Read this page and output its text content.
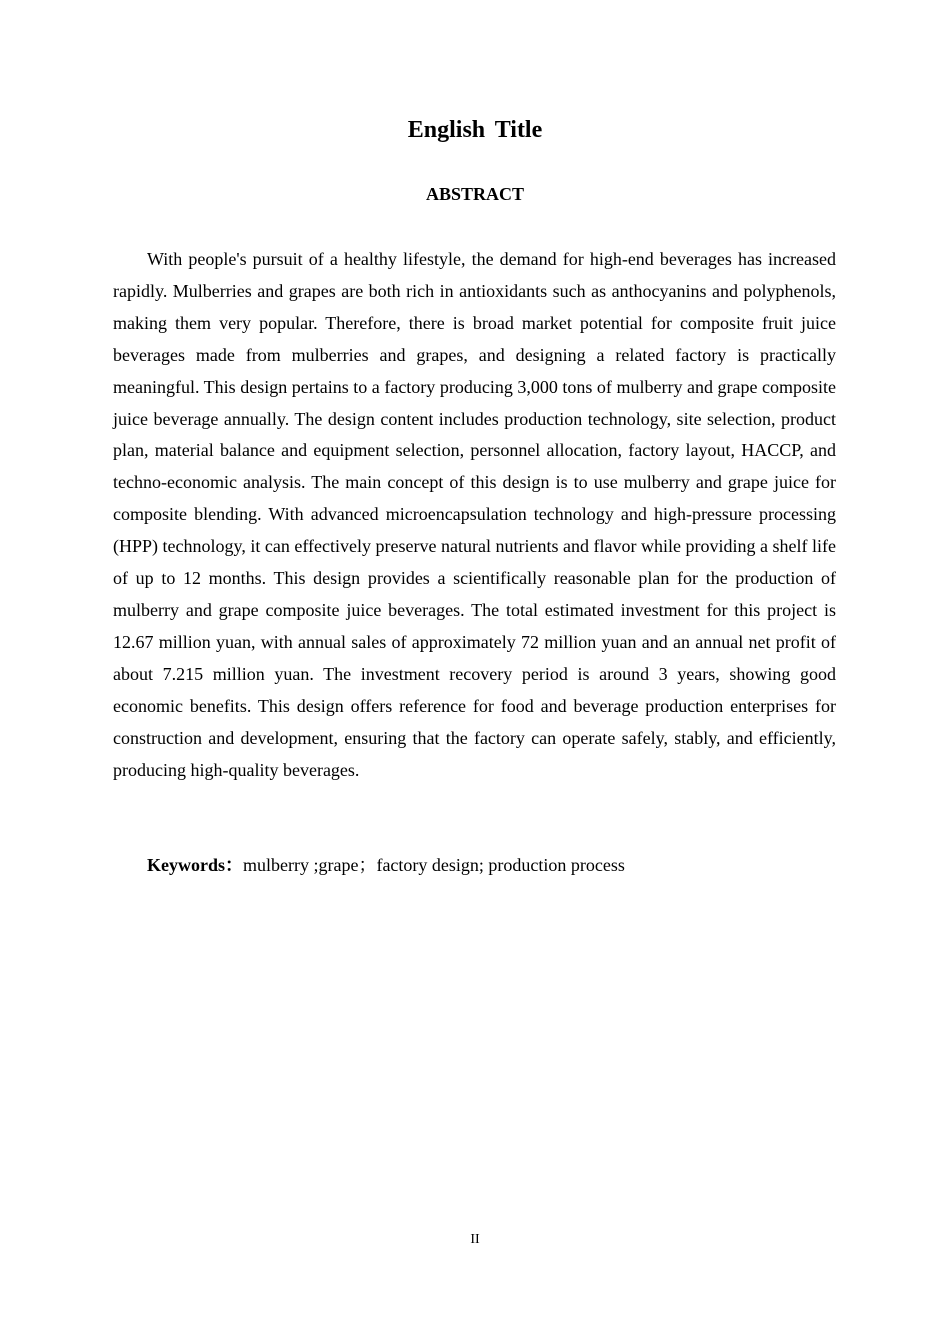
English Title
ABSTRACT

With people's pursuit of a healthy lifestyle, the demand for high-end beverages has increased rapidly. Mulberries and grapes are both rich in antioxidants such as anthocyanins and polyphenols, making them very popular. Therefore, there is broad market potential for composite fruit juice beverages made from mulberries and grapes, and designing a related factory is practically meaningful. This design pertains to a factory producing 3,000 tons of mulberry and grape composite juice beverage annually. The design content includes production technology, site selection, product plan, material balance and equipment selection, personnel allocation, factory layout, HACCP, and techno-economic analysis. The main concept of this design is to use mulberry and grape juice for composite blending. With advanced microencapsulation technology and high-pressure processing (HPP) technology, it can effectively preserve natural nutrients and flavor while providing a shelf life of up to 12 months. This design provides a scientifically reasonable plan for the production of mulberry and grape composite juice beverages. The total estimated investment for this project is 12.67 million yuan, with annual sales of approximately 72 million yuan and an annual net profit of about 7.215 million yuan. The investment recovery period is around 3 years, showing good economic benefits. This design offers reference for food and beverage production enterprises for construction and development, ensuring that the factory can operate safely, stably, and efficiently, producing high-quality beverages.

Keywords：mulberry ;grape；factory design; production process
II
